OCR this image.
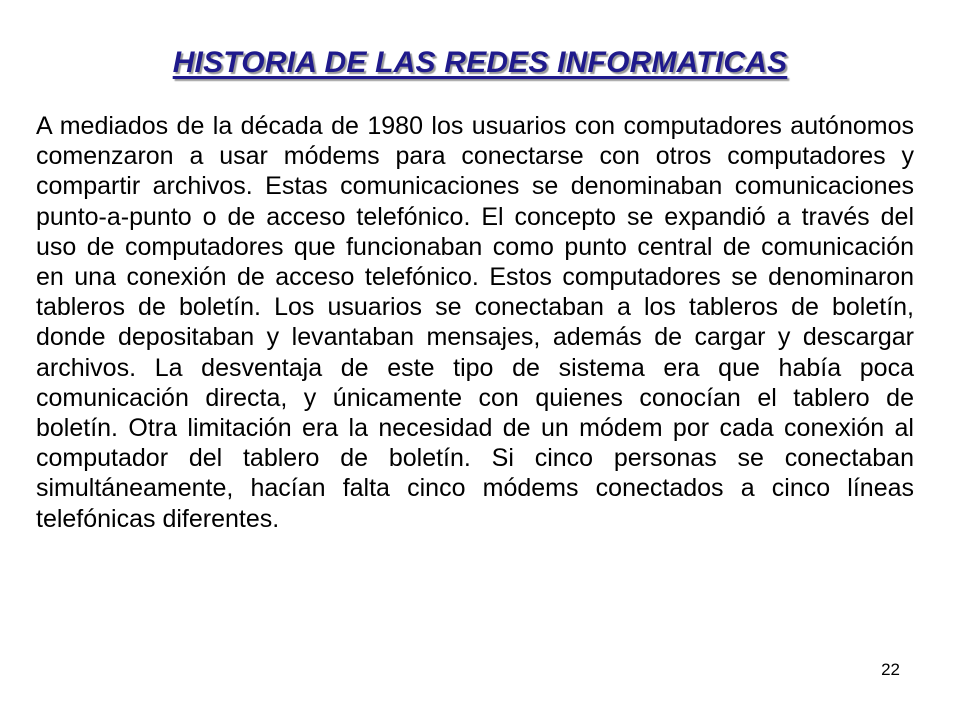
HISTORIA DE LAS REDES INFORMATICAS

A mediados de la década de 1980 los usuarios con computadores autónomos comenzaron a usar módems para conectarse con otros computadores y compartir archivos. Estas comunicaciones se denominaban comunicaciones punto-a-punto o de acceso telefónico. El concepto se expandió a través del uso de computadores que funcionaban como punto central de comunicación en una conexión de acceso telefónico. Estos computadores se denominaron tableros de boletín. Los usuarios se conectaban a los tableros de boletín, donde depositaban y levantaban mensajes, además de cargar y descargar archivos. La desventaja de este tipo de sistema era que había poca comunicación directa, y únicamente con quienes conocían el tablero de boletín. Otra limitación era la necesidad de un módem por cada conexión al computador del tablero de boletín. Si cinco personas se conectaban simultáneamente, hacían falta cinco módems conectados a cinco líneas telefónicas diferentes.

22
